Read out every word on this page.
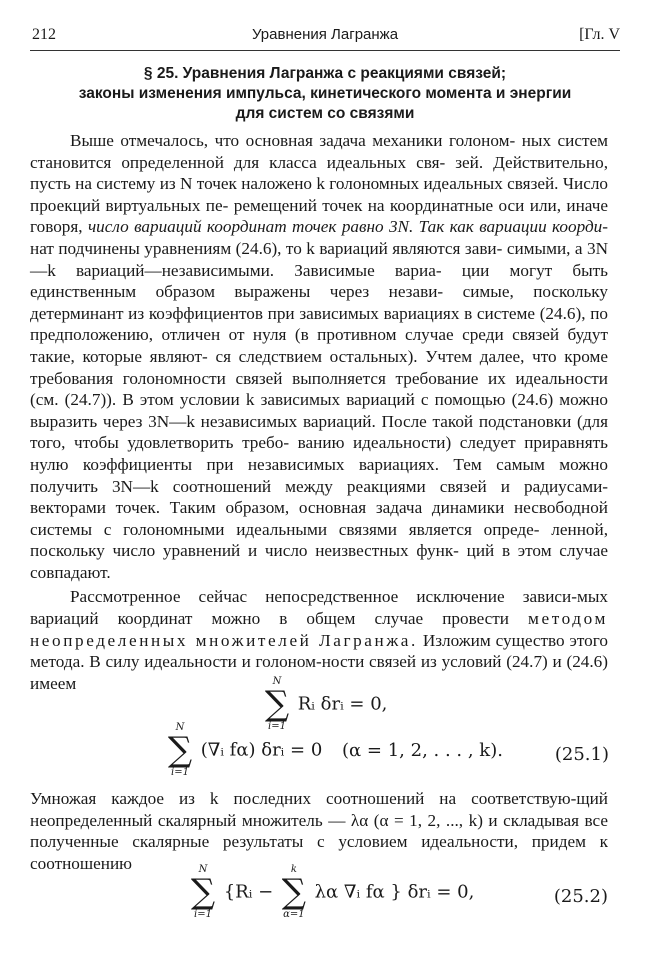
212	Уравнения Лагранжа	[Гл. V
§ 25. Уравнения Лагранжа с реакциями связей;
законы изменения импульса, кинетического момента и энергии
для систем со связями

Выше отмечалось, что основная задача механики голоном- ных систем становится определенной для класса идеальных свя- зей. Действительно, пусть на систему из N точек наложено k голономных идеальных связей. Число проекций виртуальных пе- ремещений точек на координатные оси или, иначе говоря, число вариаций координат точек равно 3N. Так как вариации коорди- нат подчинены уравнениям (24.6), то k вариаций являются зави- симыми, а 3N—k вариаций—независимыми. Зависимые вариа- ции могут быть единственным образом выражены через незави- симые, поскольку детерминант из коэффициентов при зависимых вариациях в системе (24.6), по предположению, отличен от нуля (в противном случае среди связей будут такие, которые являют- ся следствием остальных). Учтем далее, что кроме требования голономности связей выполняется требование их идеальности (см. (24.7)). В этом условии k зависимых вариаций с помощью (24.6) можно выразить через 3N—k независимых вариаций. После такой подстановки (для того, чтобы удовлетворить требо- ванию идеальности) следует приравнять нулю коэффициенты при независимых вариациях. Тем самым можно получить 3N—k соотношений между реакциями связей и радиусами-векторами точек. Таким образом, основная задача динамики несвободной системы с голономными идеальными связями является опреде- ленной, поскольку число уравнений и число неизвестных функ- ций в этом случае совпадают.

Рассмотренное сейчас непосредственное исключение зависи-мых вариаций координат можно в общем случае провести методом неопределенных множителей Лагранжа. Изложим существо этого метода. В силу идеальности и голоном-ности связей из условий (24.7) и (24.6) имеем	N
∑
i=1
Rᵢ δrᵢ = 0,
N
∑
i=1
(∇ᵢ fα) δrᵢ = 0 (α = 1, 2, . . . , k).	(25.1)

Умножая каждое из k последних соотношений на соответствую-щий неопределенный скалярный множитель — λα (α = 1, 2, ..., k) и складывая все полученные скалярные результаты с условием идеальности, придем к соотношению	N
∑
i=1
{Rᵢ −
k
∑
α=1
λα ∇ᵢ fα } δrᵢ = 0,	(25.2)
